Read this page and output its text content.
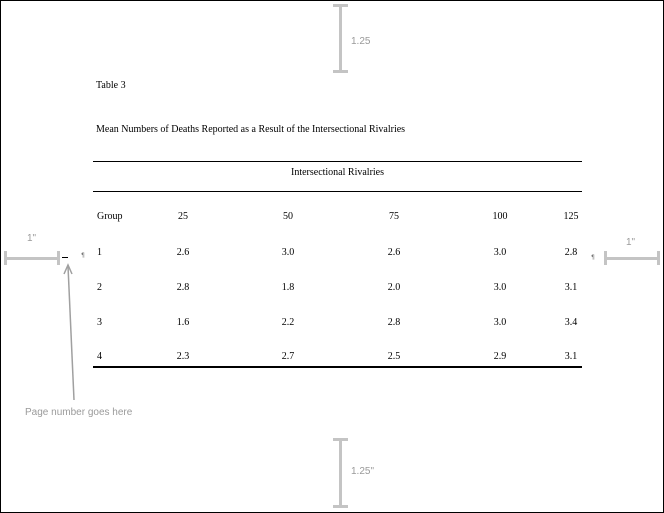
1.25
1.25"
1"	1"
¶	¶
Page number goes here
Table 3
Mean Numbers of Deaths Reported as a Result of the Intersectional Rivalries
Intersectional Rivalries
Group	25	50	75	100	125
1	2.6	3.0	2.6	3.0	2.8
2	2.8	1.8	2.0	3.0	3.1
3	1.6	2.2	2.8	3.0	3.4
4	2.3	2.7	2.5	2.9	3.1
